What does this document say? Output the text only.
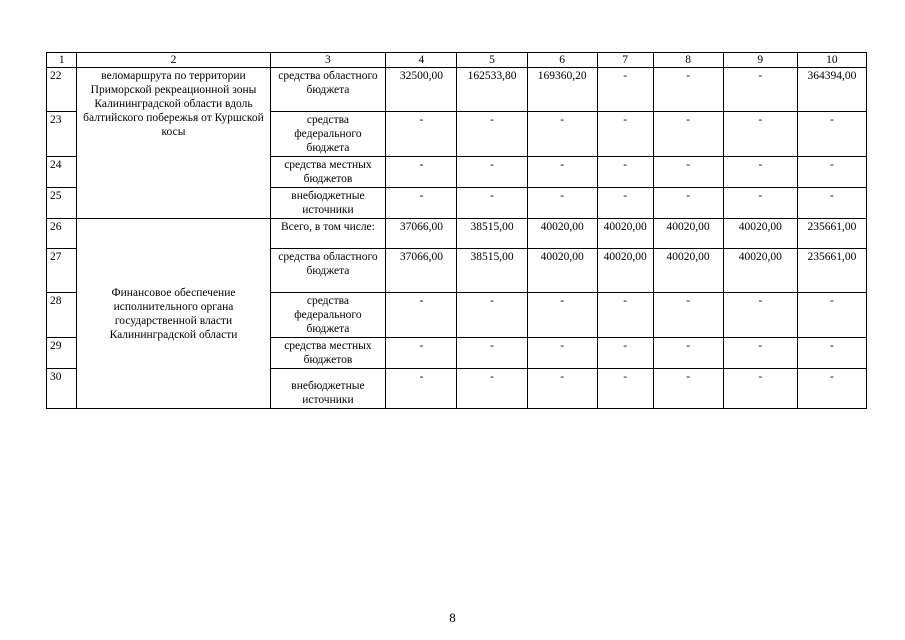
1	2	3	4	5	6	7	8	9	10
22	веломаршрута по территории Приморской рекреационной зоны Калининградской области вдоль балтийского побережья от Куршской косы	средства областного бюджета	32500,00	162533,80	169360,20	-	-	-	364394,00
23		средства федерального бюджета	-	-	-	-	-	-	-
24		средства местных бюджетов	-	-	-	-	-	-	-
25		внебюджетные источники	-	-	-	-	-	-	-
26	Финансовое обеспечение исполнительного органа государственной власти Калининградской области	Всего, в том числе:	37066,00	38515,00	40020,00	40020,00	40020,00	40020,00	235661,00
27		средства областного бюджета	37066,00	38515,00	40020,00	40020,00	40020,00	40020,00	235661,00
28		средства федерального бюджета	-	-	-	-	-	-	-
29		средства местных бюджетов	-	-	-	-	-	-	-
30		внебюджетные источники	-	-	-	-	-	-	-
8
